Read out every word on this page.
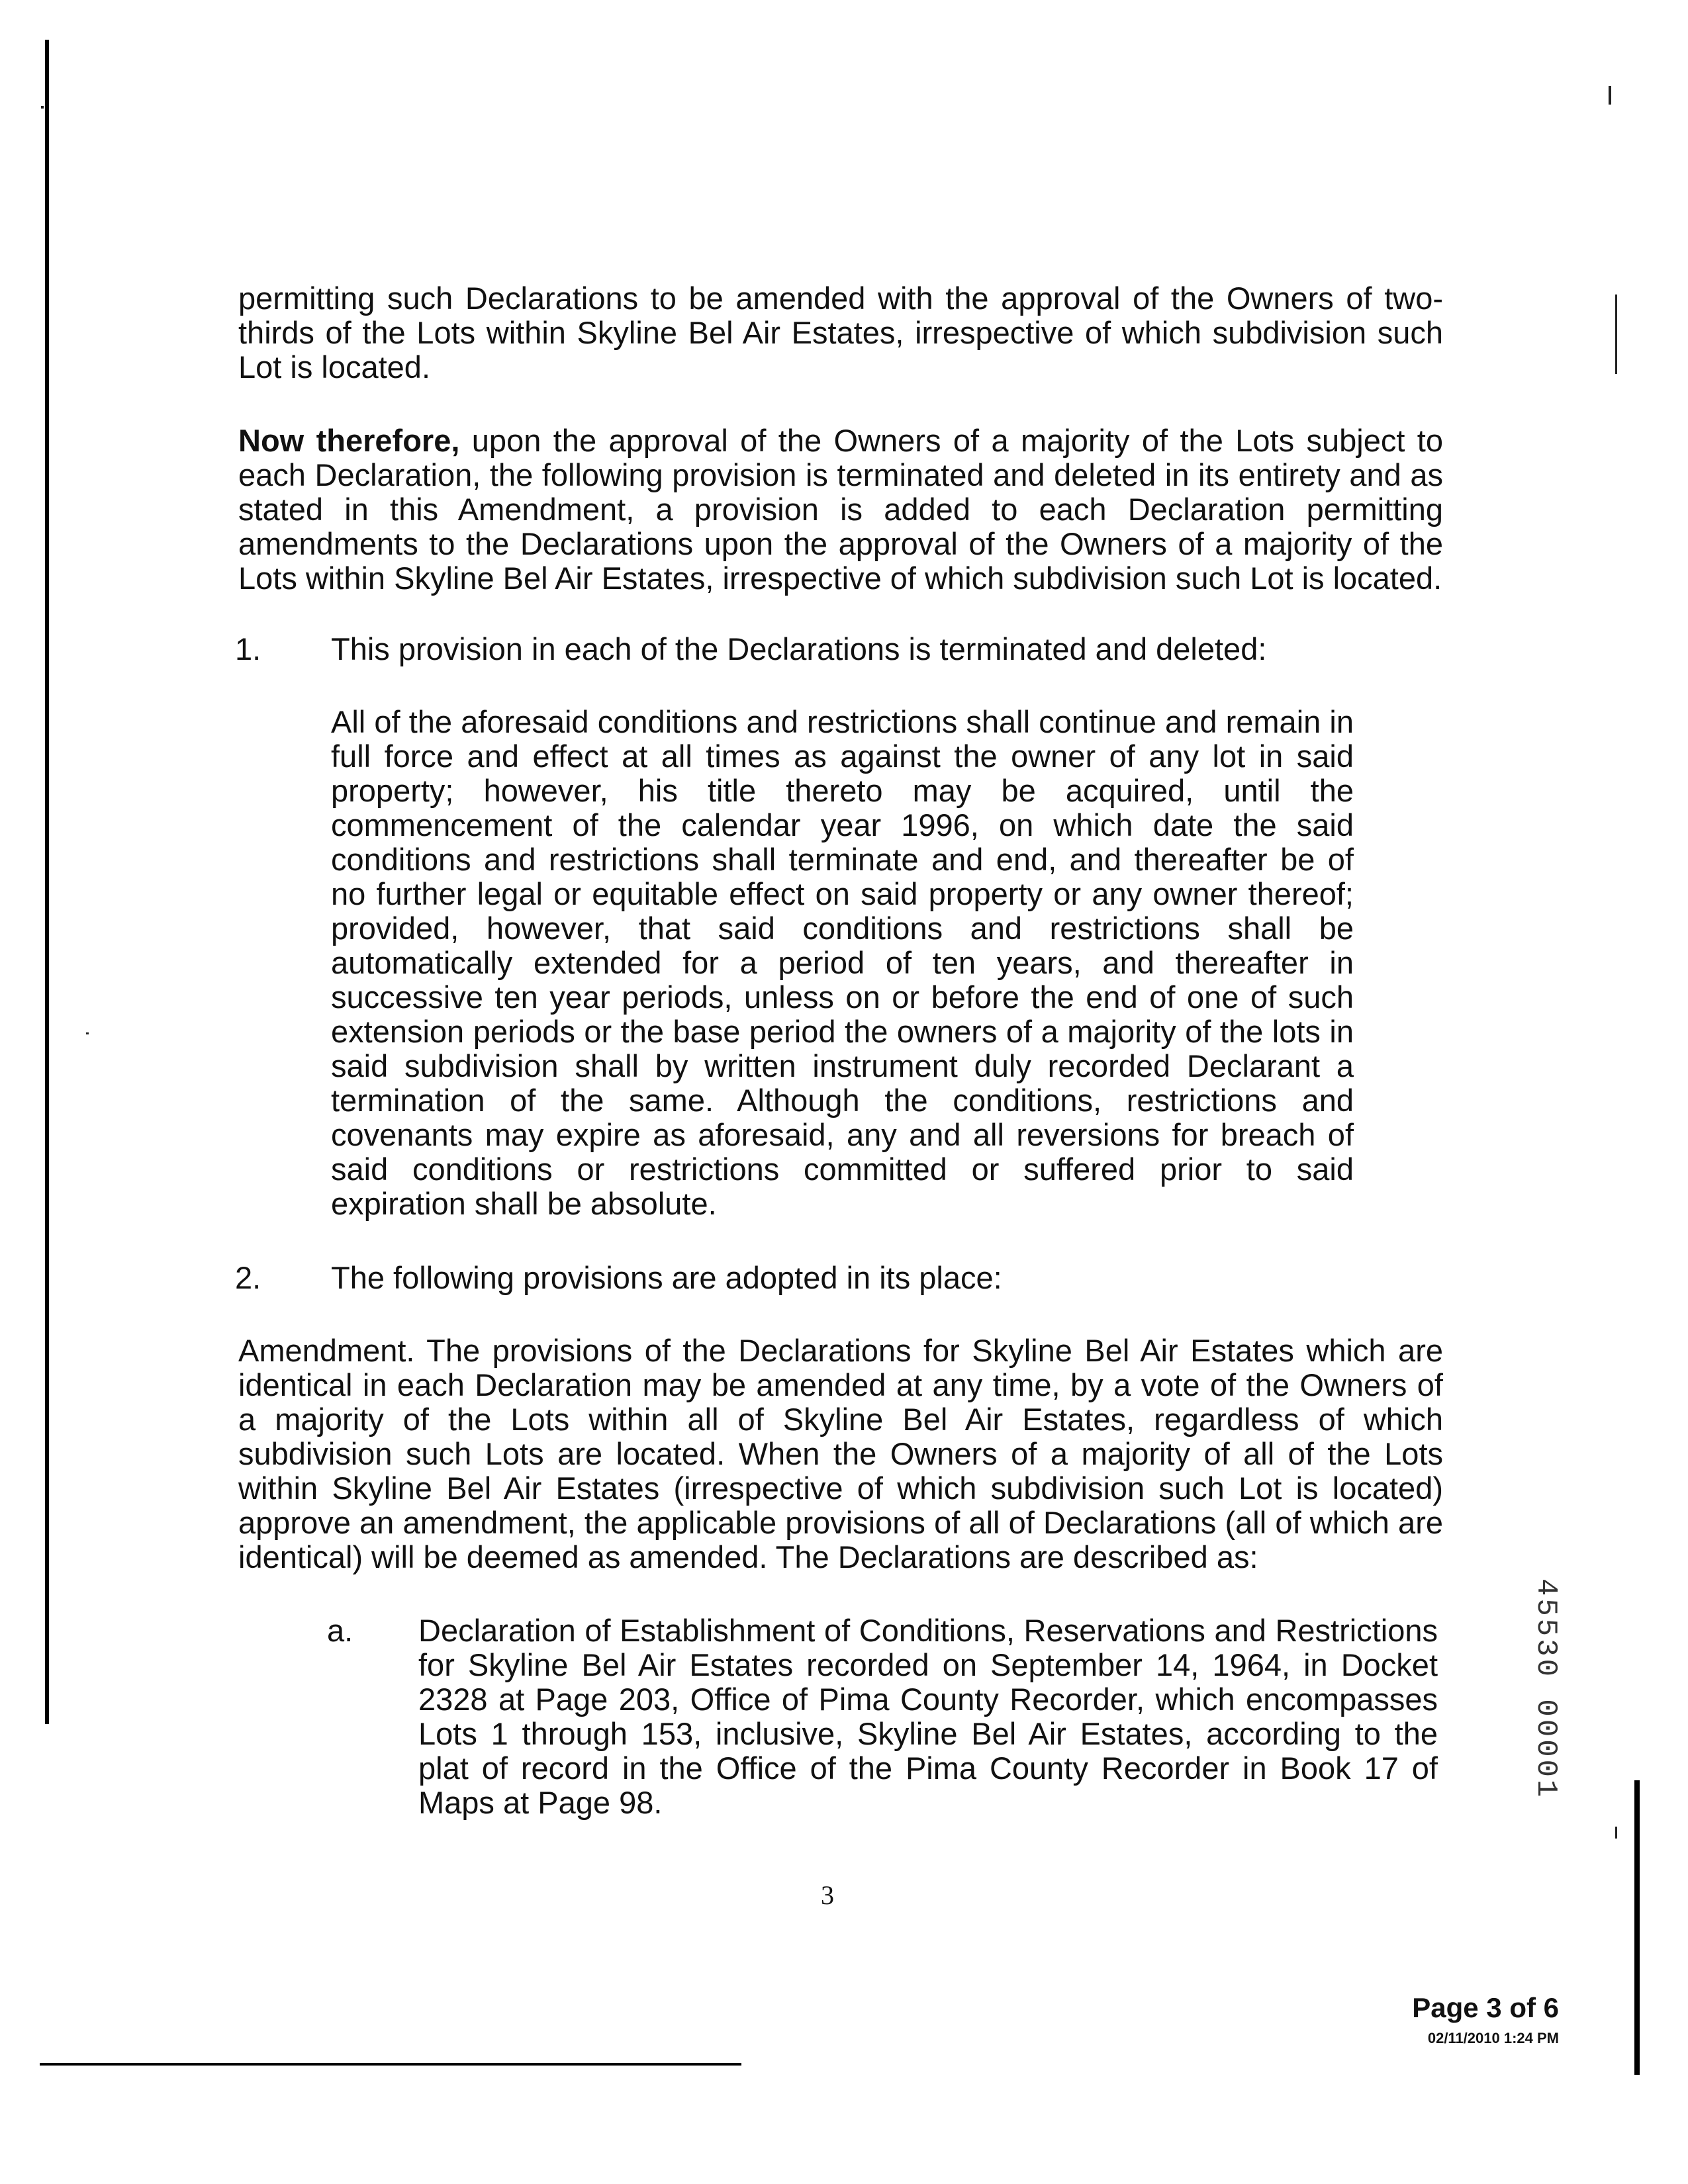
permitting such Declarations to be amended with the approval of the Owners of two-thirds of the Lots within Skyline Bel Air Estates, irrespective of which subdivision such Lot is located.

Now therefore, upon the approval of the Owners of a majority of the Lots subject to each Declaration, the following provision is terminated and deleted in its entirety and as stated in this Amendment, a provision is added to each Declaration permitting amendments to the Declarations upon the approval of the Owners of a majority of the Lots within Skyline Bel Air Estates, irrespective of which subdivision such Lot is located.

1. This provision in each of the Declarations is terminated and deleted:

All of the aforesaid conditions and restrictions shall continue and remain in full force and effect at all times as against the owner of any lot in said property; however, his title thereto may be acquired, until the commencement of the calendar year 1996, on which date the said conditions and restrictions shall terminate and end, and thereafter be of no further legal or equitable effect on said property or any owner thereof; provided, however, that said conditions and restrictions shall be automatically extended for a period of ten years, and thereafter in successive ten year periods, unless on or before the end of one of such extension periods or the base period the owners of a majority of the lots in said subdivision shall by written instrument duly recorded Declarant a termination of the same. Although the conditions, restrictions and covenants may expire as aforesaid, any and all reversions for breach of said conditions or restrictions committed or suffered prior to said expiration shall be absolute.

2. The following provisions are adopted in its place:

Amendment. The provisions of the Declarations for Skyline Bel Air Estates which are identical in each Declaration may be amended at any time, by a vote of the Owners of a majority of the Lots within all of Skyline Bel Air Estates, regardless of which subdivision such Lots are located. When the Owners of a majority of all of the Lots within Skyline Bel Air Estates (irrespective of which subdivision such Lot is located) approve an amendment, the applicable provisions of all of Declarations (all of which are identical) will be deemed as amended. The Declarations are described as:

a. Declaration of Establishment of Conditions, Reservations and Restrictions for Skyline Bel Air Estates recorded on September 14, 1964, in Docket 2328 at Page 203, Office of Pima County Recorder, which encompasses Lots 1 through 153, inclusive, Skyline Bel Air Estates, according to the plat of record in the Office of the Pima County Recorder in Book 17 of Maps at Page 98.

3
Page 3 of 6
02/11/2010 1:24 PM
45530 00001
